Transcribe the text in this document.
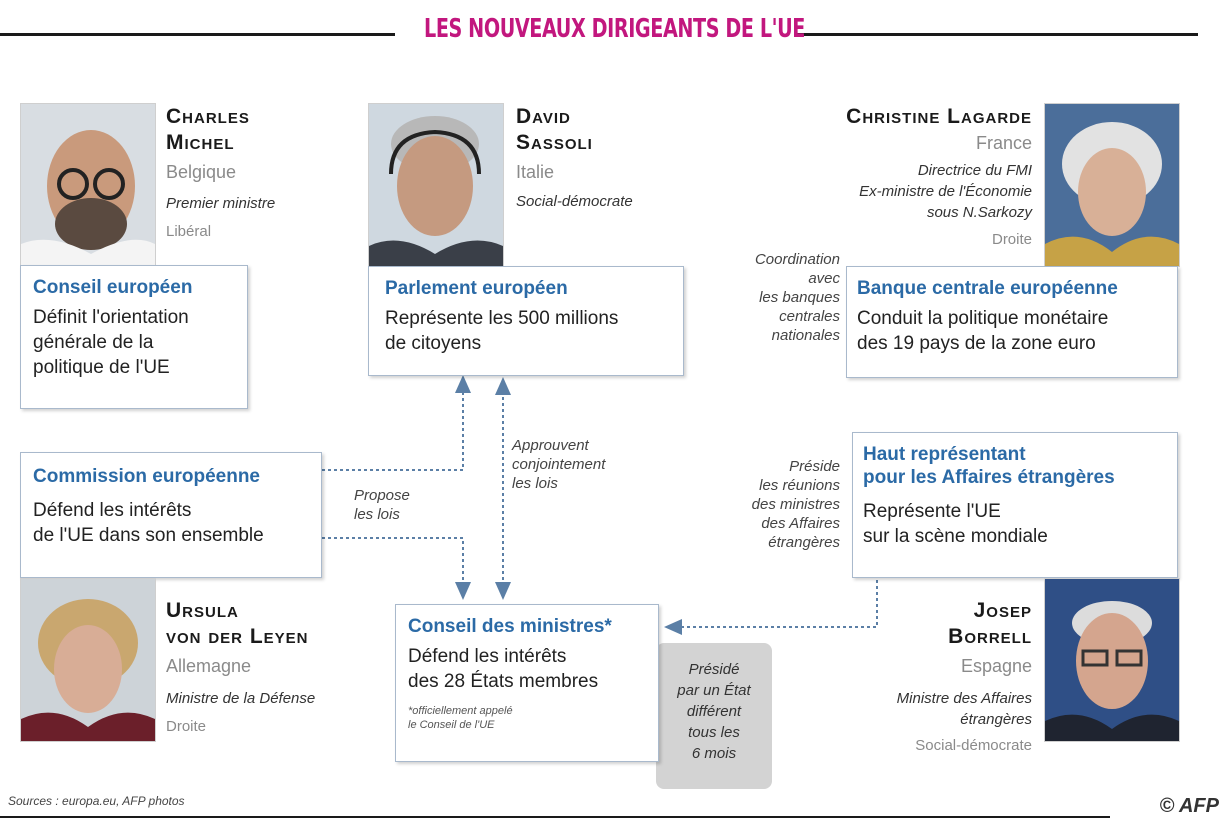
LES NOUVEAUX DIRIGEANTS DE L'UE
Charles
Michel
Belgique
Premier ministre
Libéral
Conseil européen
Définit l'orientation
générale de la
politique de l'UE
David
Sassoli
Italie
Social-démocrate
Parlement européen
Représente les 500 millions
de citoyens
Christine Lagarde
France
Directrice du FMI
Ex-ministre de l'Économie
sous N.Sarkozy
Droite
Coordination
avec
les banques
centrales
nationales
Banque centrale européenne
Conduit la politique monétaire
des 19 pays de la zone euro
Commission européenne
Défend les intérêts
de l'UE dans son ensemble
Propose
les lois
Approuvent
conjointement
les lois
Préside
les réunions
des ministres
des Affaires
étrangères
Haut représentant
pour les Affaires étrangères
Représente l'UE
sur la scène mondiale
Ursula
von der Leyen
Allemagne
Ministre de la Défense
Droite
Présidé
par un État
différent
tous les
6 mois
Conseil des ministres*
Défend les intérêts
des 28 États membres
*officiellement appelé
le Conseil de l'UE
Josep
Borrell
Espagne
Ministre des Affaires
étrangères
Social-démocrate
Sources : europa.eu, AFP photos	© AFP
